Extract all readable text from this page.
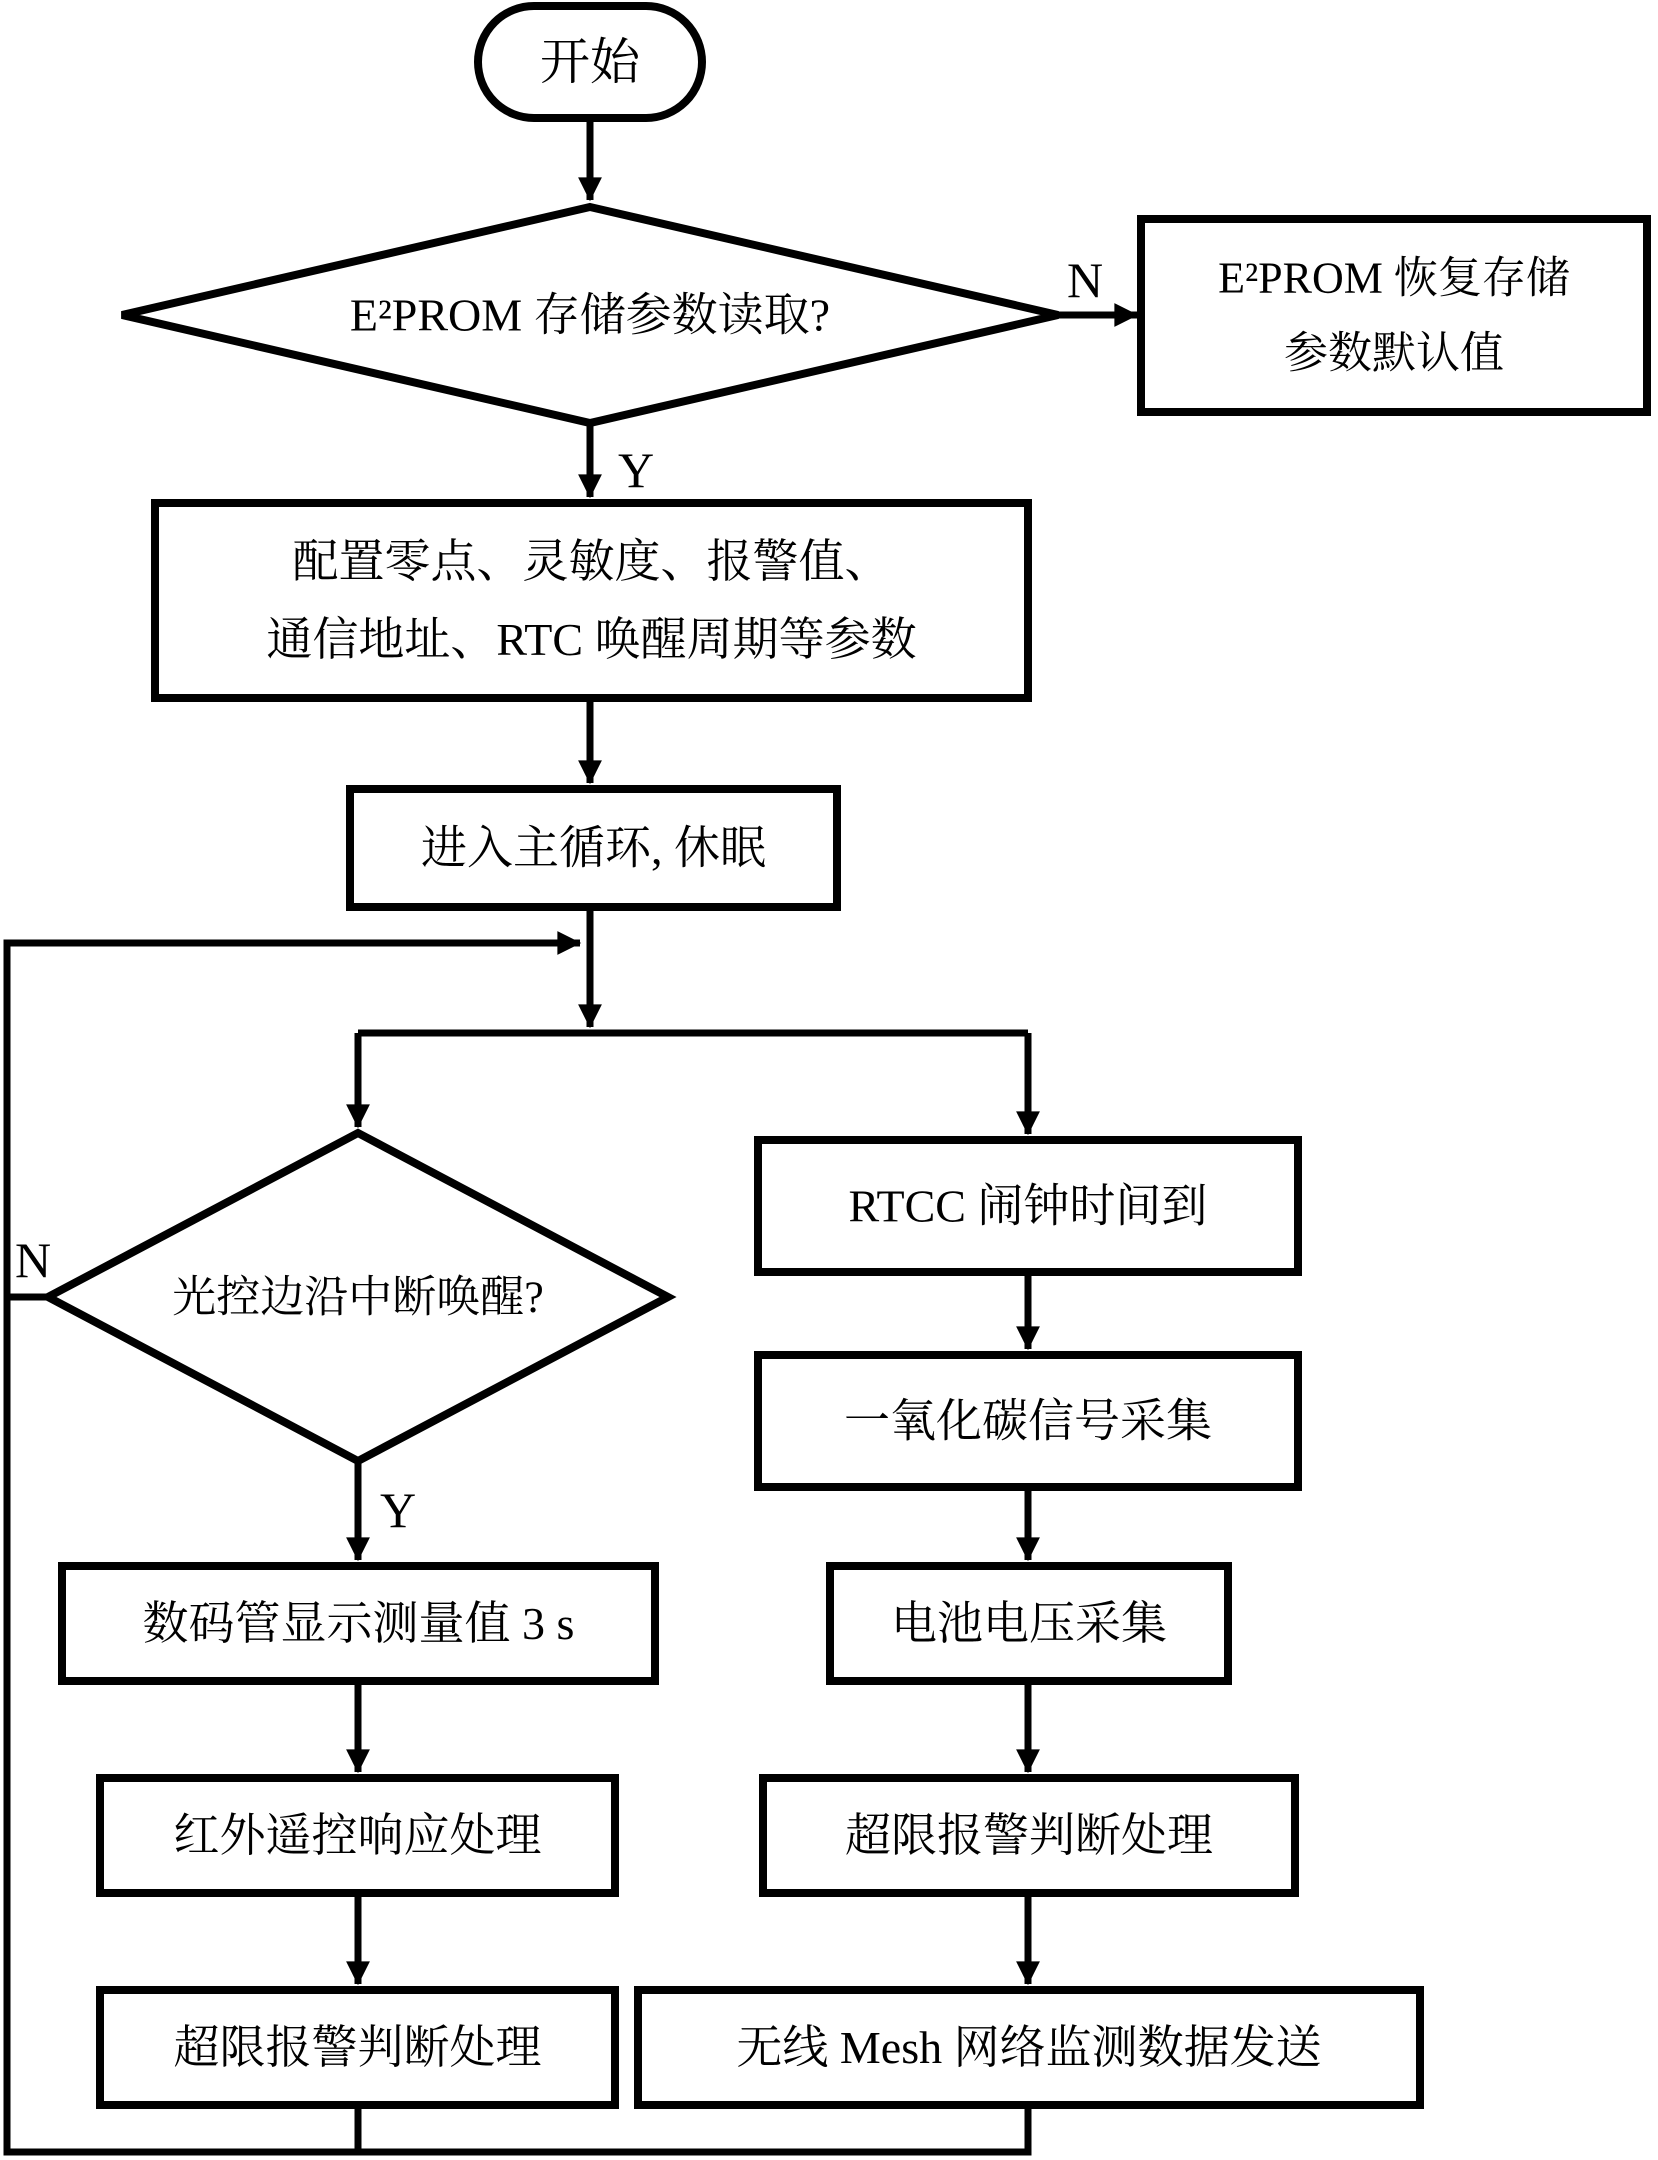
开始
E²PROM 存储参数读取?
E²PROM 恢复存储
参数默认值
配置零点、灵敏度、报警值、
通信地址、RTC 唤醒周期等参数
进入主循环, 休眠
光控边沿中断唤醒?
RTCC 闹钟时间到
一氧化碳信号采集
数码管显示测量值 3 s	电池电压采集
红外遥控响应处理	超限报警判断处理
超限报警判断处理	无线 Mesh 网络监测数据发送
N
Y
N
Y
